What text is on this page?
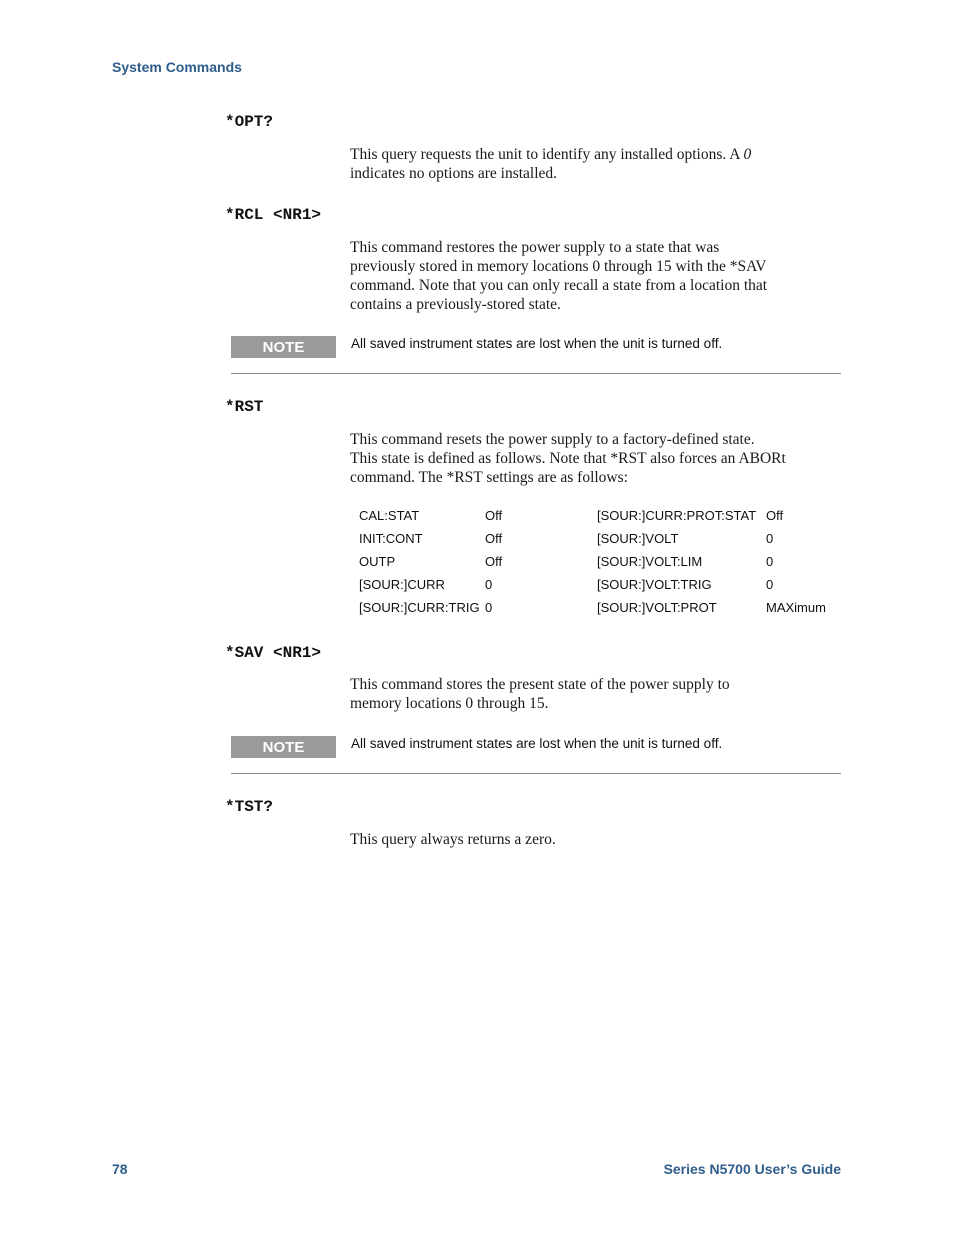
System Commands
*OPT?
This query requests the unit to identify any installed options. A 0
indicates no options are installed.
*RCL <NR1>
This command restores the power supply to a state that was
previously stored in memory locations 0 through 15 with the *SAV
command. Note that you can only recall a state from a location that
contains a previously-stored state.
NOTE	All saved instrument states are lost when the unit is turned off.
*RST
This command resets the power supply to a factory-defined state.
This state is defined as follows. Note that *RST also forces an ABORt
command. The *RST settings are as follows:
CAL:STAT	Off	[SOUR:]CURR:PROT:STAT Off
INIT:CONT	Off	[SOUR:]VOLT	0
OUTP	Off	[SOUR:]VOLT:LIM	0
[SOUR:]CURR	0	[SOUR:]VOLT:TRIG	0
[SOUR:]CURR:TRIG 0	[SOUR:]VOLT:PROT	MAXimum
*SAV <NR1>
This command stores the present state of the power supply to
memory locations 0 through 15.
NOTE	All saved instrument states are lost when the unit is turned off.
*TST?
This query always returns a zero.
78	Series N5700 User’s Guide
